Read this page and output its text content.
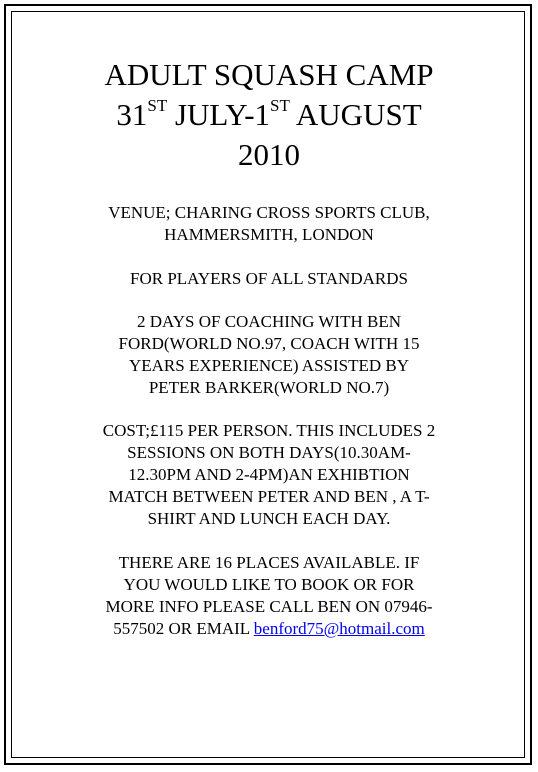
ADULT SQUASH CAMP
31ST JULY-1ST AUGUST
2010

VENUE; CHARING CROSS SPORTS CLUB,
HAMMERSMITH, LONDON

FOR PLAYERS OF ALL STANDARDS

2 DAYS OF COACHING WITH BEN
FORD(WORLD NO.97, COACH WITH 15
YEARS EXPERIENCE) ASSISTED BY
PETER BARKER(WORLD NO.7)

COST;£115 PER PERSON. THIS INCLUDES 2
SESSIONS ON BOTH DAYS(10.30AM-
12.30PM AND 2-4PM)AN EXHIBTION
MATCH BETWEEN PETER AND BEN , A T-
SHIRT AND LUNCH EACH DAY.

THERE ARE 16 PLACES AVAILABLE. IF
YOU WOULD LIKE TO BOOK OR FOR
MORE INFO PLEASE CALL BEN ON 07946-
557502 OR EMAIL benford75@hotmail.com
